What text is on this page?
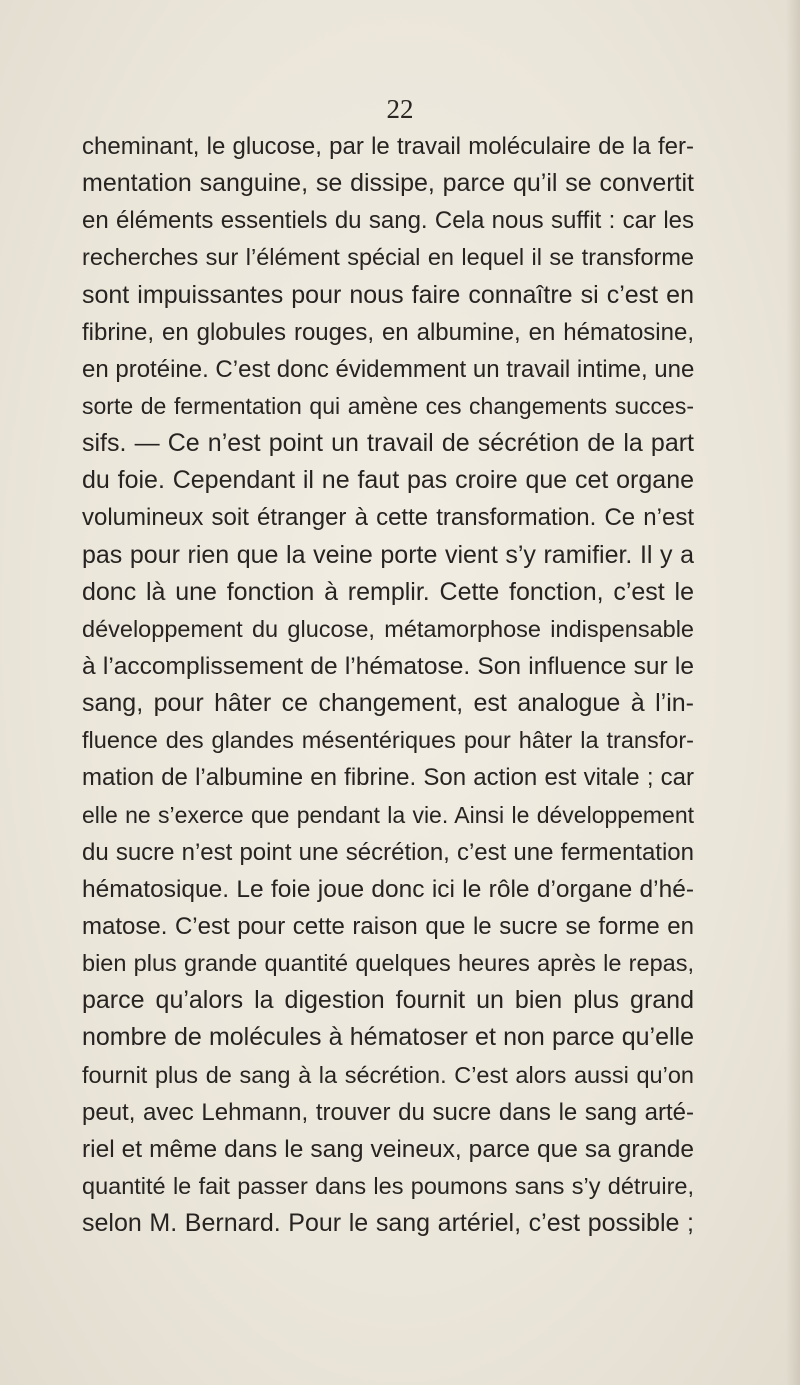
22

cheminant, le glucose, par le travail moléculaire de la fer-
mentation sanguine, se dissipe, parce qu’il se convertit
en éléments essentiels du sang. Cela nous suffit : car les
recherches sur l’élément spécial en lequel il se transforme
sont impuissantes pour nous faire connaître si c’est en
fibrine, en globules rouges, en albumine, en hématosine,
en protéine. C’est donc évidemment un travail intime, une
sorte de fermentation qui amène ces changements succes-
sifs. — Ce n’est point un travail de sécrétion de la part
du foie. Cependant il ne faut pas croire que cet organe
volumineux soit étranger à cette transformation. Ce n’est
pas pour rien que la veine porte vient s’y ramifier. Il y a
donc là une fonction à remplir. Cette fonction, c’est le
développement du glucose, métamorphose indispensable
à l’accomplissement de l’hématose. Son influence sur le
sang, pour hâter ce changement, est analogue à l’in-
fluence des glandes mésentériques pour hâter la transfor-
mation de l’albumine en fibrine. Son action est vitale ; car
elle ne s’exerce que pendant la vie. Ainsi le développement
du sucre n’est point une sécrétion, c’est une fermentation
hématosique. Le foie joue donc ici le rôle d’organe d’hé-
matose. C’est pour cette raison que le sucre se forme en
bien plus grande quantité quelques heures après le repas,
parce qu’alors la digestion fournit un bien plus grand
nombre de molécules à hématoser et non parce qu’elle
fournit plus de sang à la sécrétion. C’est alors aussi qu’on
peut, avec Lehmann, trouver du sucre dans le sang arté-
riel et même dans le sang veineux, parce que sa grande
quantité le fait passer dans les poumons sans s’y détruire,
selon M. Bernard. Pour le sang artériel, c’est possible ;
